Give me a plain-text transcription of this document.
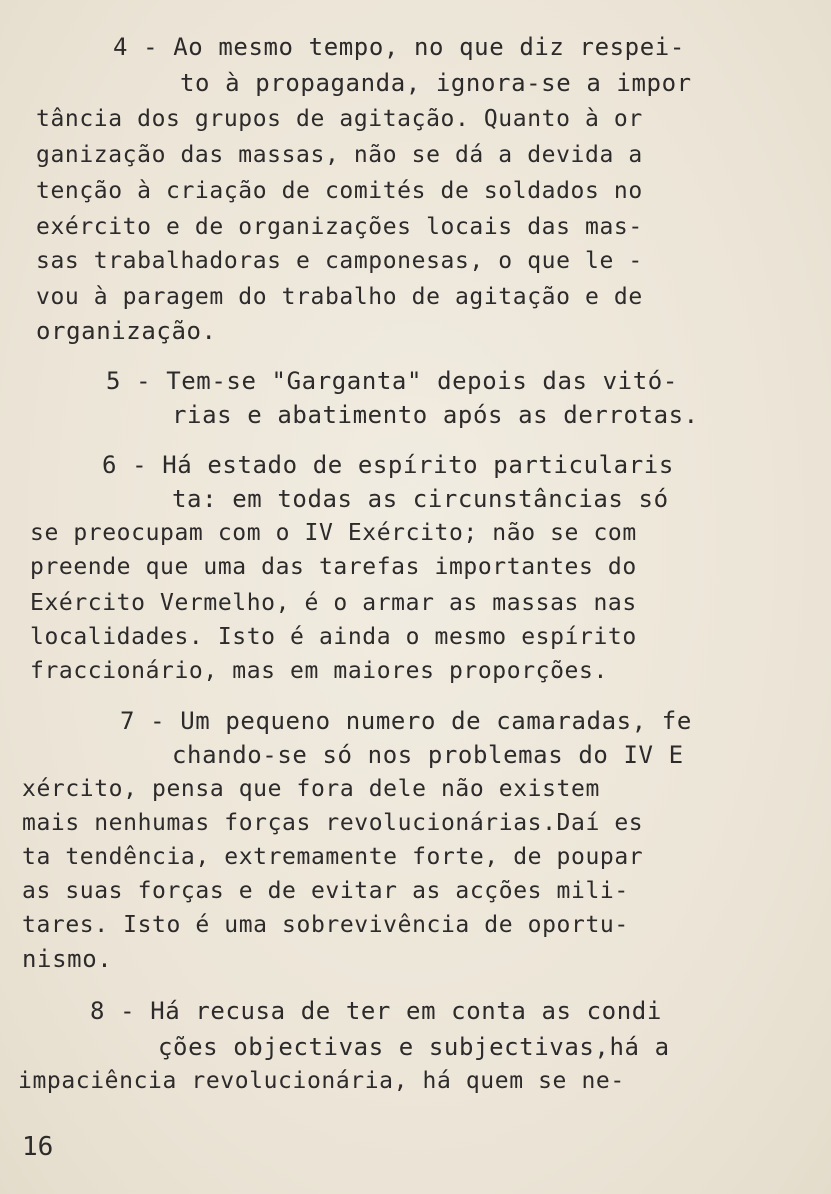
4 - Ao mesmo tempo, no que diz respei-
to à propaganda, ignora-se a impor
tância dos grupos de agitação. Quanto à or
ganização das massas, não se dá a devida a
tenção à criação de comités de soldados no
exército e de organizações locais das mas-
sas trabalhadoras e camponesas, o que le -
vou à paragem do trabalho de agitação e de
organização.
5 - Tem-se "Garganta" depois das vitó-
rias e abatimento após as derrotas.
6 - Há estado de espírito particularis
ta: em todas as circunstâncias só
se preocupam com o IV Exército; não se com
preende que uma das tarefas importantes do
Exército Vermelho, é o armar as massas nas
localidades. Isto é ainda o mesmo espírito
fraccionário, mas em maiores proporções.
7 - Um pequeno numero de camaradas, fe
chando-se só nos problemas do IV E
xército, pensa que fora dele não existem
mais nenhumas forças revolucionárias.Daí es
ta tendência, extremamente forte, de poupar
as suas forças e de evitar as acções mili-
tares. Isto é uma sobrevivência de oportu-
nismo.
8 - Há recusa de ter em conta as condi
ções objectivas e subjectivas,há a
impaciência revolucionária, há quem se ne-
16
